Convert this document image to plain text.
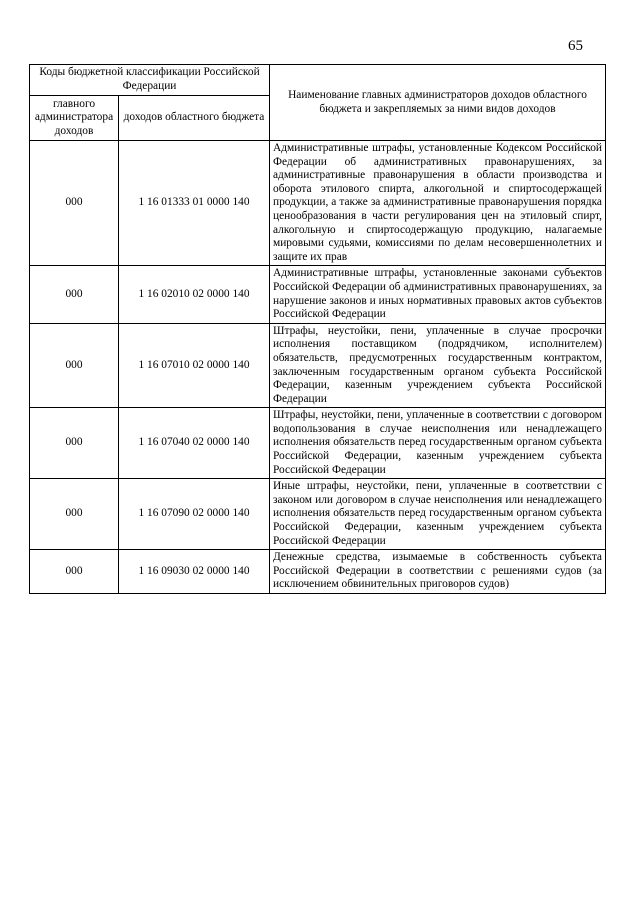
65
Коды бюджетной классификации Российской Федерации		Наименование главных администраторов доходов областного бюджета и закрепляемых за ними видов доходов
главного администратора доходов	доходов областного бюджета	
000	1 16 01333 01 0000 140	Административные штрафы, установленные Кодексом Российской Федерации об административных правонарушениях, за административные правонарушения в области производства и оборота этилового спирта, алкогольной и спиртосодержащей продукции, а также за административные правонарушения порядка ценообразования в части регулирования цен на этиловый спирт, алкогольную и спиртосодержащую продукцию, налагаемые мировыми судьями, комиссиями по делам несовершеннолетних и защите их прав
000	1 16 02010 02 0000 140	Административные штрафы, установленные законами субъектов Российской Федерации об административных правонарушениях, за нарушение законов и иных нормативных правовых актов субъектов Российской Федерации
000	1 16 07010 02 0000 140	Штрафы, неустойки, пени, уплаченные в случае просрочки исполнения поставщиком (подрядчиком, исполнителем) обязательств, предусмотренных государственным контрактом, заключенным государственным органом субъекта Российской Федерации, казенным учреждением субъекта Российской Федерации
000	1 16 07040 02 0000 140	Штрафы, неустойки, пени, уплаченные в соответствии с договором водопользования в случае неисполнения или ненадлежащего исполнения обязательств перед государственным органом субъекта Российской Федерации, казенным учреждением субъекта Российской Федерации
000	1 16 07090 02 0000 140	Иные штрафы, неустойки, пени, уплаченные в соответствии с законом или договором в случае неисполнения или ненадлежащего исполнения обязательств перед государственным органом субъекта Российской Федерации, казенным учреждением субъекта Российской Федерации
000	1 16 09030 02 0000 140	Денежные средства, изымаемые в собственность субъекта Российской Федерации в соответствии с решениями судов (за исключением обвинительных приговоров судов)
